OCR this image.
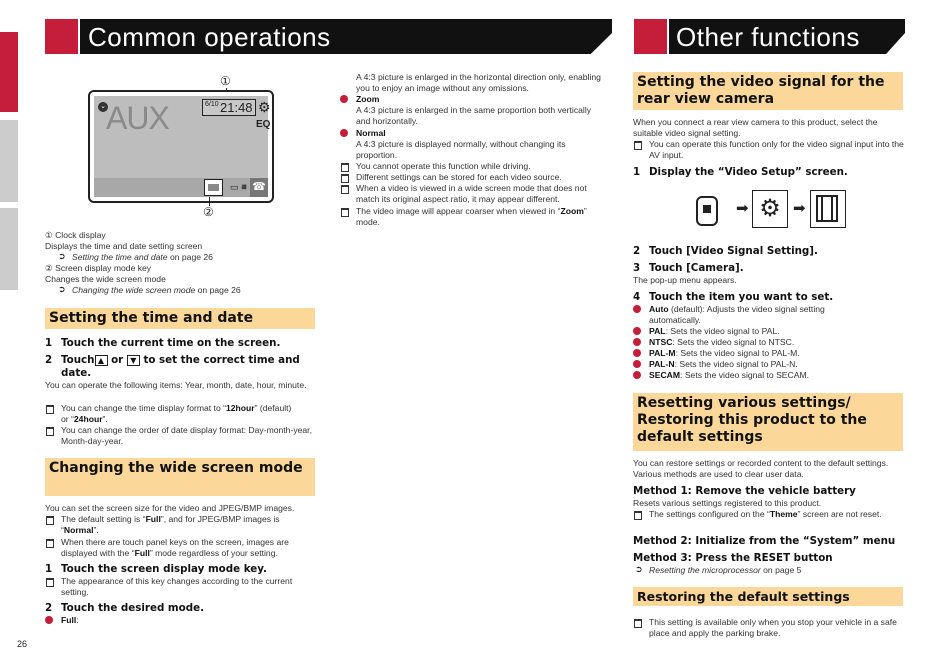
Common operations	Other functions
①
⌄ AUX	6/10 21:48 ⚙
EQ
▭◾ ☎
②
① Clock display
Displays the time and date setting screen
➲ Setting the time and date on page 26
② Screen display mode key
Changes the wide screen mode
➲ Changing the wide screen mode on page 26
Setting the time and date
1 Touch the current time on the screen.
2 Touch ▲ or ▼ to set the correct time and
date.
You can operate the following items: Year, month, date, hour, minute.
You can change the time display format to “12hour” (default)
or “24hour”.
You can change the order of date display format: Day-month-year, Month-day-year.
Changing the wide screen mode
You can set the screen size for the video and JPEG/BMP images.
The default setting is “Full”, and for JPEG/BMP images is
“Normal”.
When there are touch panel keys on the screen, images are displayed with the “Full” mode regardless of your setting.
1 Touch the screen display mode key.
The appearance of this key changes according to the current setting.
2 Touch the desired mode.
Full:
26
A 4:3 picture is enlarged in the horizontal direction only, enabling you to enjoy an image without any omissions.
Zoom
A 4:3 picture is enlarged in the same proportion both vertically and horizontally.
Normal
A 4:3 picture is displayed normally, without changing its proportion.
You cannot operate this function while driving.
Different settings can be stored for each video source.
When a video is viewed in a wide screen mode that does not match its original aspect ratio, it may appear different.
The video image will appear coarser when viewed in “Zoom” mode.
Setting the video signal for the rear view camera
When you connect a rear view camera to this product, select the suitable video signal setting.
You can operate this function only for the video signal input into the AV input.
1 Display the “Video Setup” screen.
➡ ⚙ ➡
2 Touch [Video Signal Setting].
3 Touch [Camera].
The pop-up menu appears.
4 Touch the item you want to set.
Auto (default): Adjusts the video signal setting automatically.
PAL: Sets the video signal to PAL.
NTSC: Sets the video signal to NTSC.
PAL-M: Sets the video signal to PAL-M.
PAL-N: Sets the video signal to PAL-N.
SECAM: Sets the video signal to SECAM.
Resetting various settings/ Restoring this product to the default settings
You can restore settings or recorded content to the default settings. Various methods are used to clear user data.
Method 1: Remove the vehicle battery
Resets various settings registered to this product.
The settings configured on the “Theme” screen are not reset.
Method 2: Initialize from the “System” menu
Method 3: Press the RESET button
➲ Resetting the microprocessor on page 5
Restoring the default settings
This setting is available only when you stop your vehicle in a safe place and apply the parking brake.
